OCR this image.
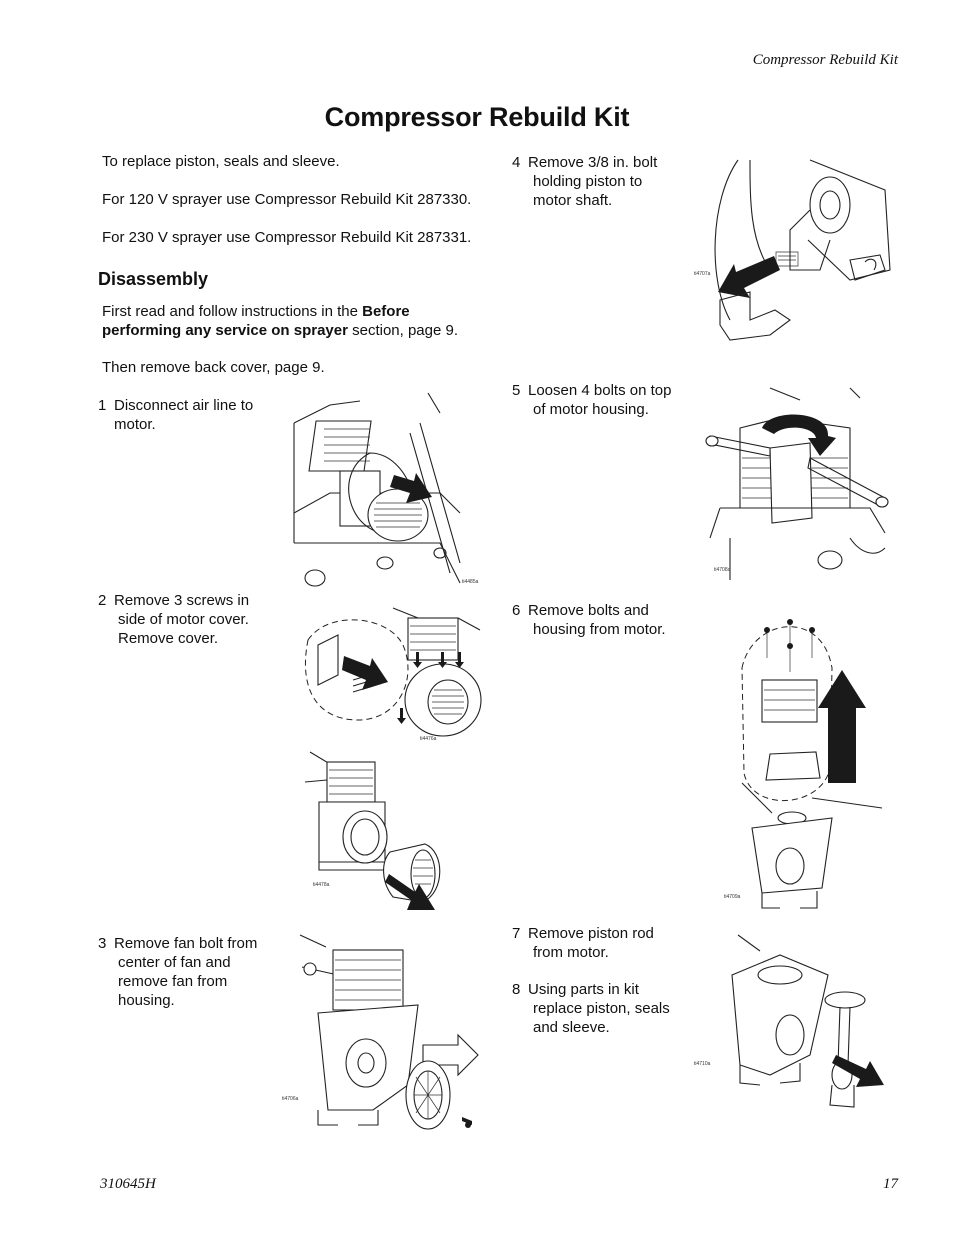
Compressor Rebuild Kit
Compressor Rebuild Kit
To replace piston, seals and sleeve.
For 120 V sprayer use Compressor Rebuild Kit 287330.
For 230 V sprayer use Compressor Rebuild Kit 287331.
Disassembly
First read and follow instructions in the Before performing any service on sprayer section, page 9.
Then remove back cover, page 9.
1 Disconnect air line to
motor.
2 Remove 3 screws in
side of motor cover. Remove cover.
3 Remove fan bolt from
center of fan and remove fan from housing.
4 Remove 3/8 in. bolt
holding piston to motor shaft.
5 Loosen 4 bolts on top
of motor housing.
6 Remove bolts and
housing from motor.
7 Remove piston rod
from motor.
8 Using parts in kit
replace piston, seals and sleeve.
ti4485a
ti4476a
ti4478a
ti4706a
ti4707a
ti4708a
ti4709a
ti4710a
310645H	17
